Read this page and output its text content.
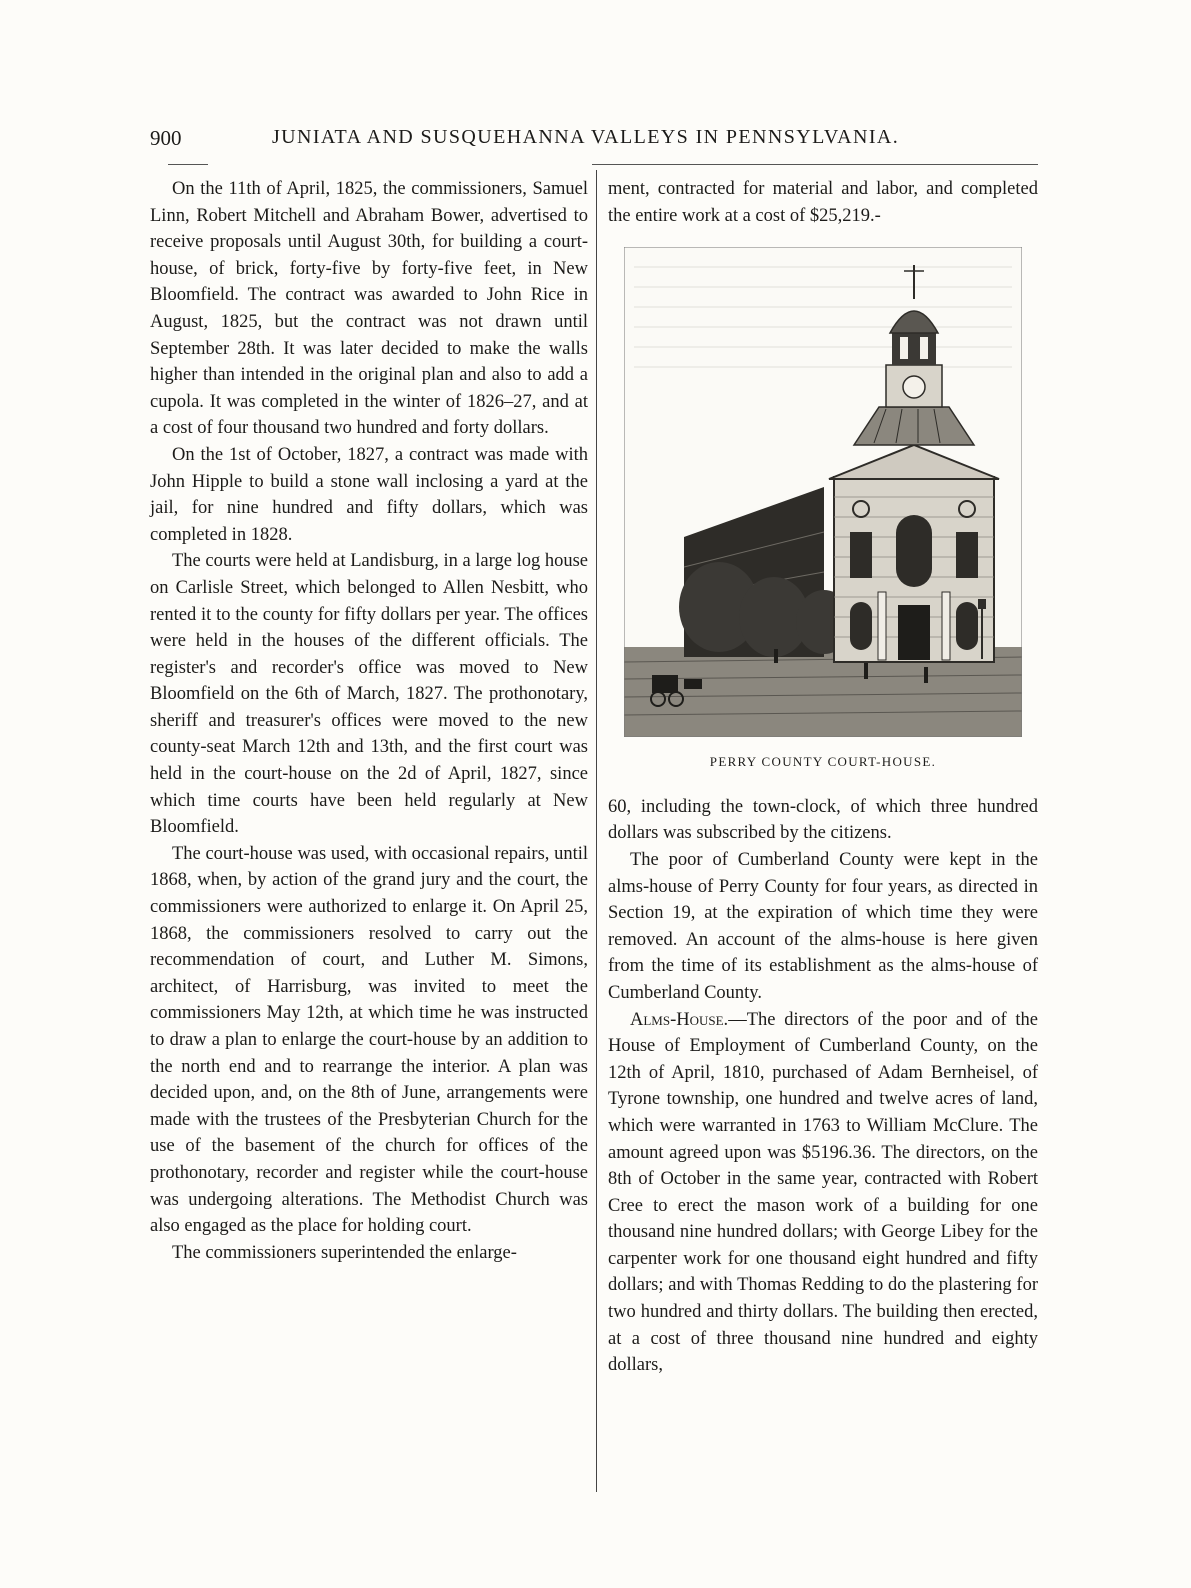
900	JUNIATA AND SUSQUEHANNA VALLEYS IN PENNSYLVANIA.

On the 11th of April, 1825, the commissioners, Samuel Linn, Robert Mitchell and Abraham Bower, advertised to receive proposals until August 30th, for building a court-house, of brick, forty-five by forty-five feet, in New Bloomfield. The contract was awarded to John Rice in August, 1825, but the contract was not drawn until September 28th. It was later decided to make the walls higher than intended in the original plan and also to add a cupola. It was completed in the winter of 1826–27, and at a cost of four thousand two hundred and forty dollars.

On the 1st of October, 1827, a contract was made with John Hipple to build a stone wall inclosing a yard at the jail, for nine hundred and fifty dollars, which was completed in 1828.

The courts were held at Landisburg, in a large log house on Carlisle Street, which belonged to Allen Nesbitt, who rented it to the county for fifty dollars per year. The offices were held in the houses of the different officials. The register's and recorder's office was moved to New Bloomfield on the 6th of March, 1827. The prothonotary, sheriff and treasurer's offices were moved to the new county-seat March 12th and 13th, and the first court was held in the court-house on the 2d of April, 1827, since which time courts have been held regularly at New Bloomfield.

The court-house was used, with occasional repairs, until 1868, when, by action of the grand jury and the court, the commissioners were authorized to enlarge it. On April 25, 1868, the commissioners resolved to carry out the recommendation of court, and Luther M. Simons, architect, of Harrisburg, was invited to meet the commissioners May 12th, at which time he was instructed to draw a plan to enlarge the court-house by an addition to the north end and to rearrange the interior. A plan was decided upon, and, on the 8th of June, arrangements were made with the trustees of the Presbyterian Church for the use of the basement of the church for offices of the prothonotary, recorder and register while the court-house was undergoing alterations. The Methodist Church was also engaged as the place for holding court.

The commissioners superintended the enlarge-

ment, contracted for material and labor, and completed the entire work at a cost of $25,219.-

PERRY COUNTY COURT-HOUSE.

60, including the town-clock, of which three hundred dollars was subscribed by the citizens.

The poor of Cumberland County were kept in the alms-house of Perry County for four years, as directed in Section 19, at the expiration of which time they were removed. An account of the alms-house is here given from the time of its establishment as the alms-house of Cumberland County.

Alms-House.—The directors of the poor and of the House of Employment of Cumberland County, on the 12th of April, 1810, purchased of Adam Bernheisel, of Tyrone township, one hundred and twelve acres of land, which were warranted in 1763 to William McClure. The amount agreed upon was $5196.36. The directors, on the 8th of October in the same year, contracted with Robert Cree to erect the mason work of a building for one thousand nine hundred dollars; with George Libey for the carpenter work for one thousand eight hundred and fifty dollars; and with Thomas Redding to do the plastering for two hundred and thirty dollars. The building then erected, at a cost of three thousand nine hundred and eighty dollars,
